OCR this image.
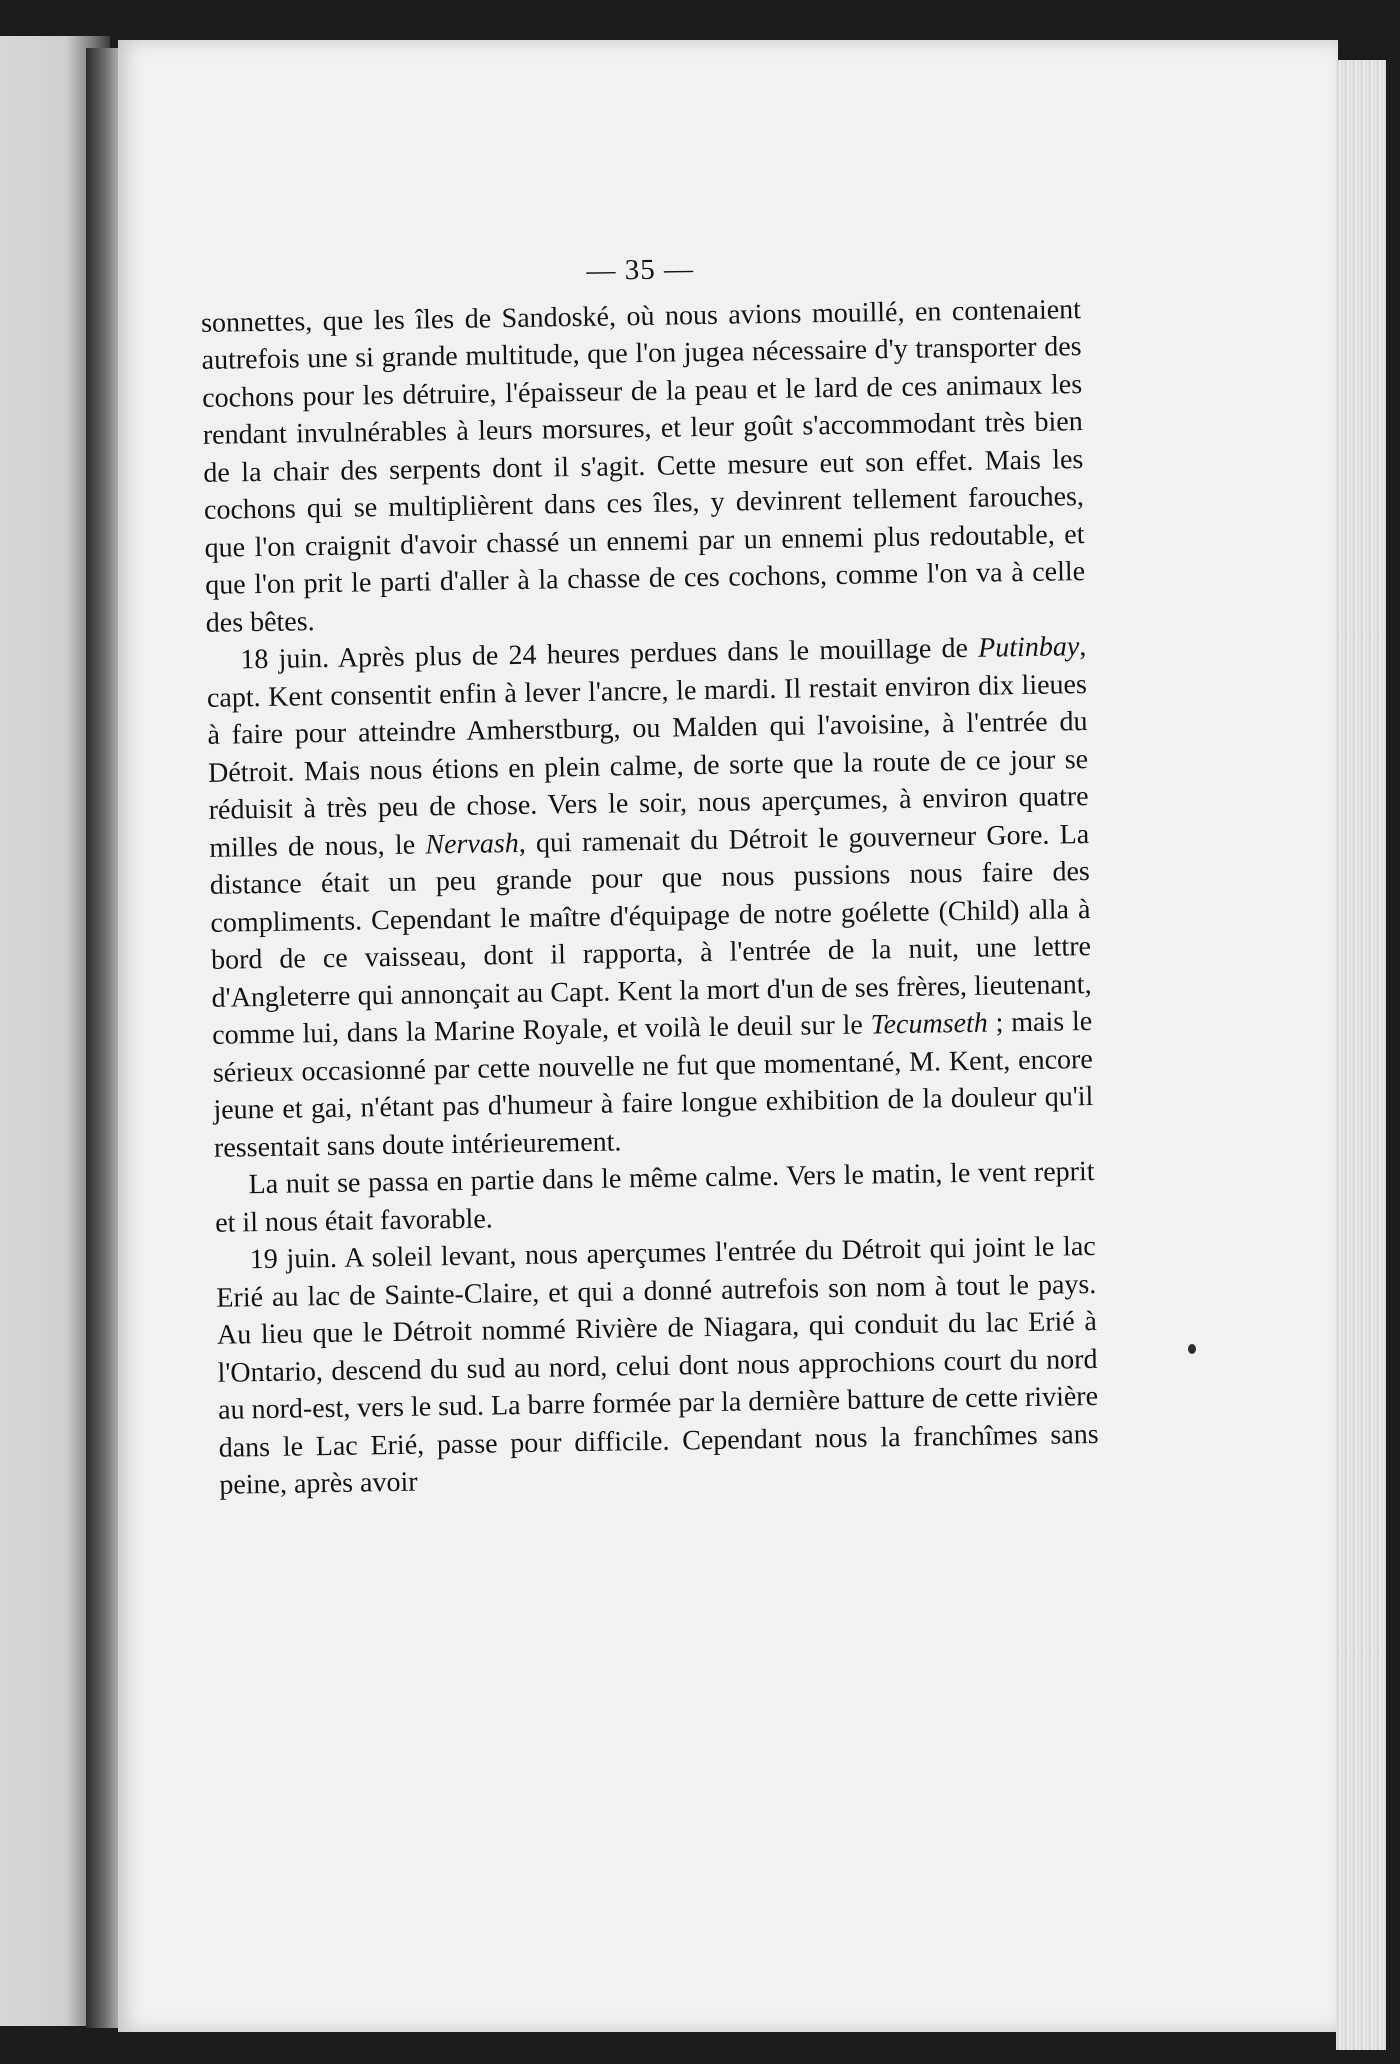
— 35 —

sonnettes, que les îles de Sandoské, où nous avions mouillé, en contenaient autrefois une si grande multitude, que l'on jugea nécessaire d'y transporter des cochons pour les détruire, l'épaisseur de la peau et le lard de ces animaux les rendant invulnérables à leurs morsures, et leur goût s'accommodant très bien de la chair des serpents dont il s'agit. Cette mesure eut son effet. Mais les cochons qui se multiplièrent dans ces îles, y devinrent tellement farouches, que l'on craignit d'avoir chassé un ennemi par un ennemi plus redoutable, et que l'on prit le parti d'aller à la chasse de ces cochons, comme l'on va à celle des bêtes.

18 juin. Après plus de 24 heures perdues dans le mouillage de Putinbay, capt. Kent consentit enfin à lever l'ancre, le mardi. Il restait environ dix lieues à faire pour atteindre Amherstburg, ou Malden qui l'avoisine, à l'entrée du Détroit. Mais nous étions en plein calme, de sorte que la route de ce jour se réduisit à très peu de chose. Vers le soir, nous aperçumes, à environ quatre milles de nous, le Nervash, qui ramenait du Détroit le gouverneur Gore. La distance était un peu grande pour que nous pussions nous faire des compliments. Cependant le maître d'équipage de notre goélette (Child) alla à bord de ce vaisseau, dont il rapporta, à l'entrée de la nuit, une lettre d'Angleterre qui annonçait au Capt. Kent la mort d'un de ses frères, lieutenant, comme lui, dans la Marine Royale, et voilà le deuil sur le Tecumseth ; mais le sérieux occasionné par cette nouvelle ne fut que momentané, M. Kent, encore jeune et gai, n'étant pas d'humeur à faire longue exhibition de la douleur qu'il ressentait sans doute intérieurement.

La nuit se passa en partie dans le même calme. Vers le matin, le vent reprit et il nous était favorable.

19 juin. A soleil levant, nous aperçumes l'entrée du Détroit qui joint le lac Erié au lac de Sainte-Claire, et qui a donné autrefois son nom à tout le pays. Au lieu que le Détroit nommé Rivière de Niagara, qui conduit du lac Erié à l'Ontario, descend du sud au nord, celui dont nous approchions court du nord au nord-est, vers le sud. La barre formée par la dernière batture de cette rivière dans le Lac Erié, passe pour difficile. Cependant nous la franchîmes sans peine, après avoir
